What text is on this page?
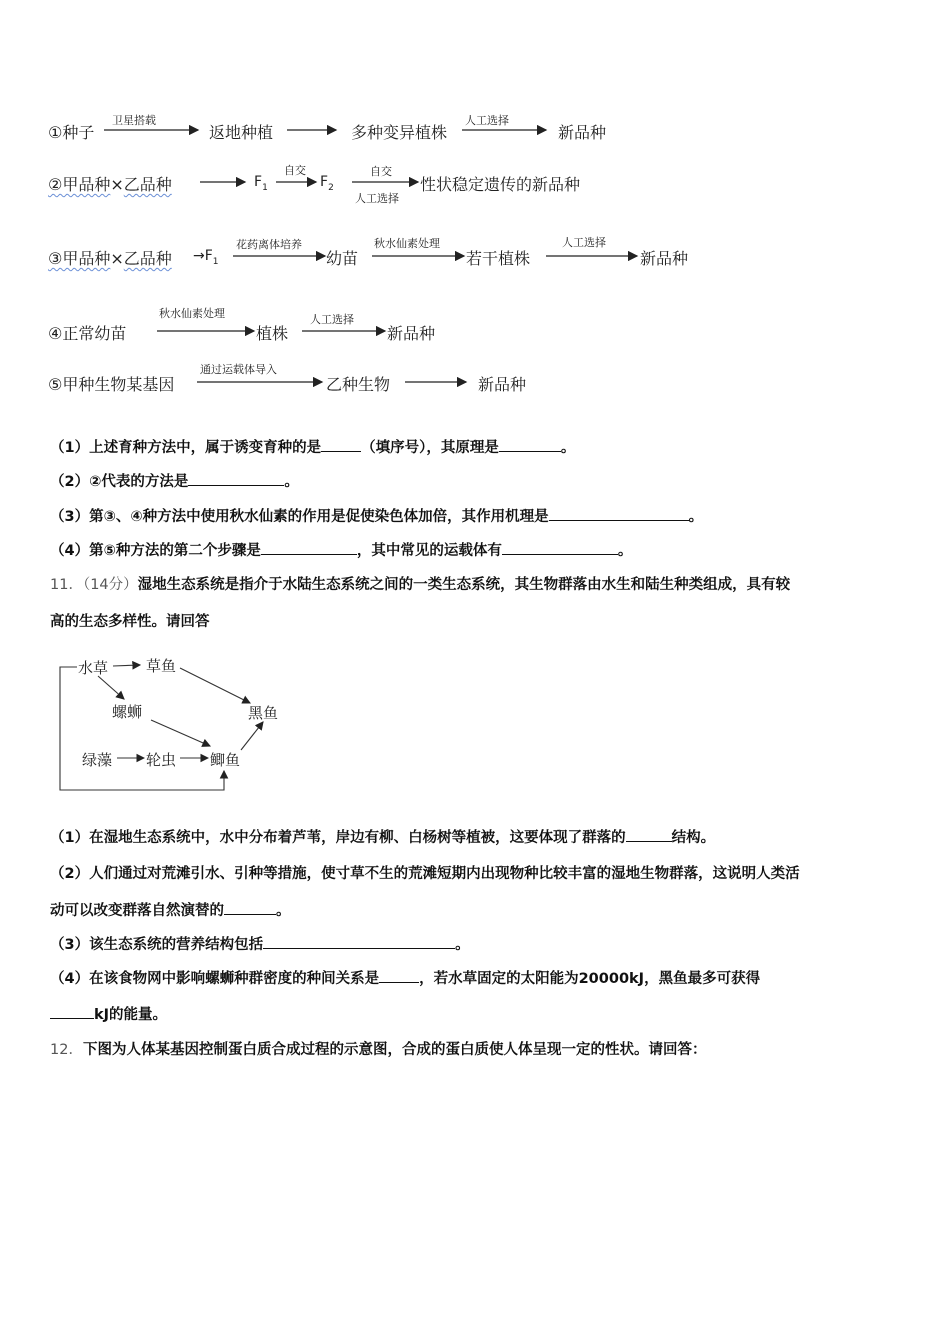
①种子
卫星搭载
返地种植	多种变异植株
人工选择
新品种
②甲品种×乙品种	$F_1$
自交
$F_2$
自交
人工选择
性状稳定遗传的新品种
③甲品种×乙品种 $\to F_1$
花药离体培养
幼苗
秋水仙素处理
若干植株
人工选择
新品种
④正常幼苗
秋水仙素处理
植株
人工选择
新品种
⑤甲种生物某基因
通过运载体导入
乙种生物	新品种
（1）上述育种方法中，属于诱变育种的是	（填序号），其原理是	。
（2）②代表的方法是	。
（3）第③、④种方法中使用秋水仙素的作用是促使染色体加倍，其作用机理是	。
（4）第⑤种方法的第二个步骤是	，其中常见的运载体有	。
11．（14分）湿地生态系统是指介于水陆生态系统之间的一类生态系统，其生物群落由水生和陆生种类组成，具有较
高的生态多样性。请回答
水草	草鱼
螺蛳	黑鱼
绿藻 轮虫 鲫鱼
（1）在湿地生态系统中，水中分布着芦苇，岸边有柳、白杨树等植被，这要体现了群落的	结构。
（2）人们通过对荒滩引水、引种等措施，使寸草不生的荒滩短期内出现物种比较丰富的湿地生物群落，这说明人类活
动可以改变群落自然演替的	。
（3）该生态系统的营养结构包括	。
（4）在该食物网中影响螺蛳种群密度的种间关系是	，若水草固定的太阳能为20000kJ，黑鱼最多可获得
kJ的能量。
12．下图为人体某基因控制蛋白质合成过程的示意图，合成的蛋白质使人体呈现一定的性状。请回答：
